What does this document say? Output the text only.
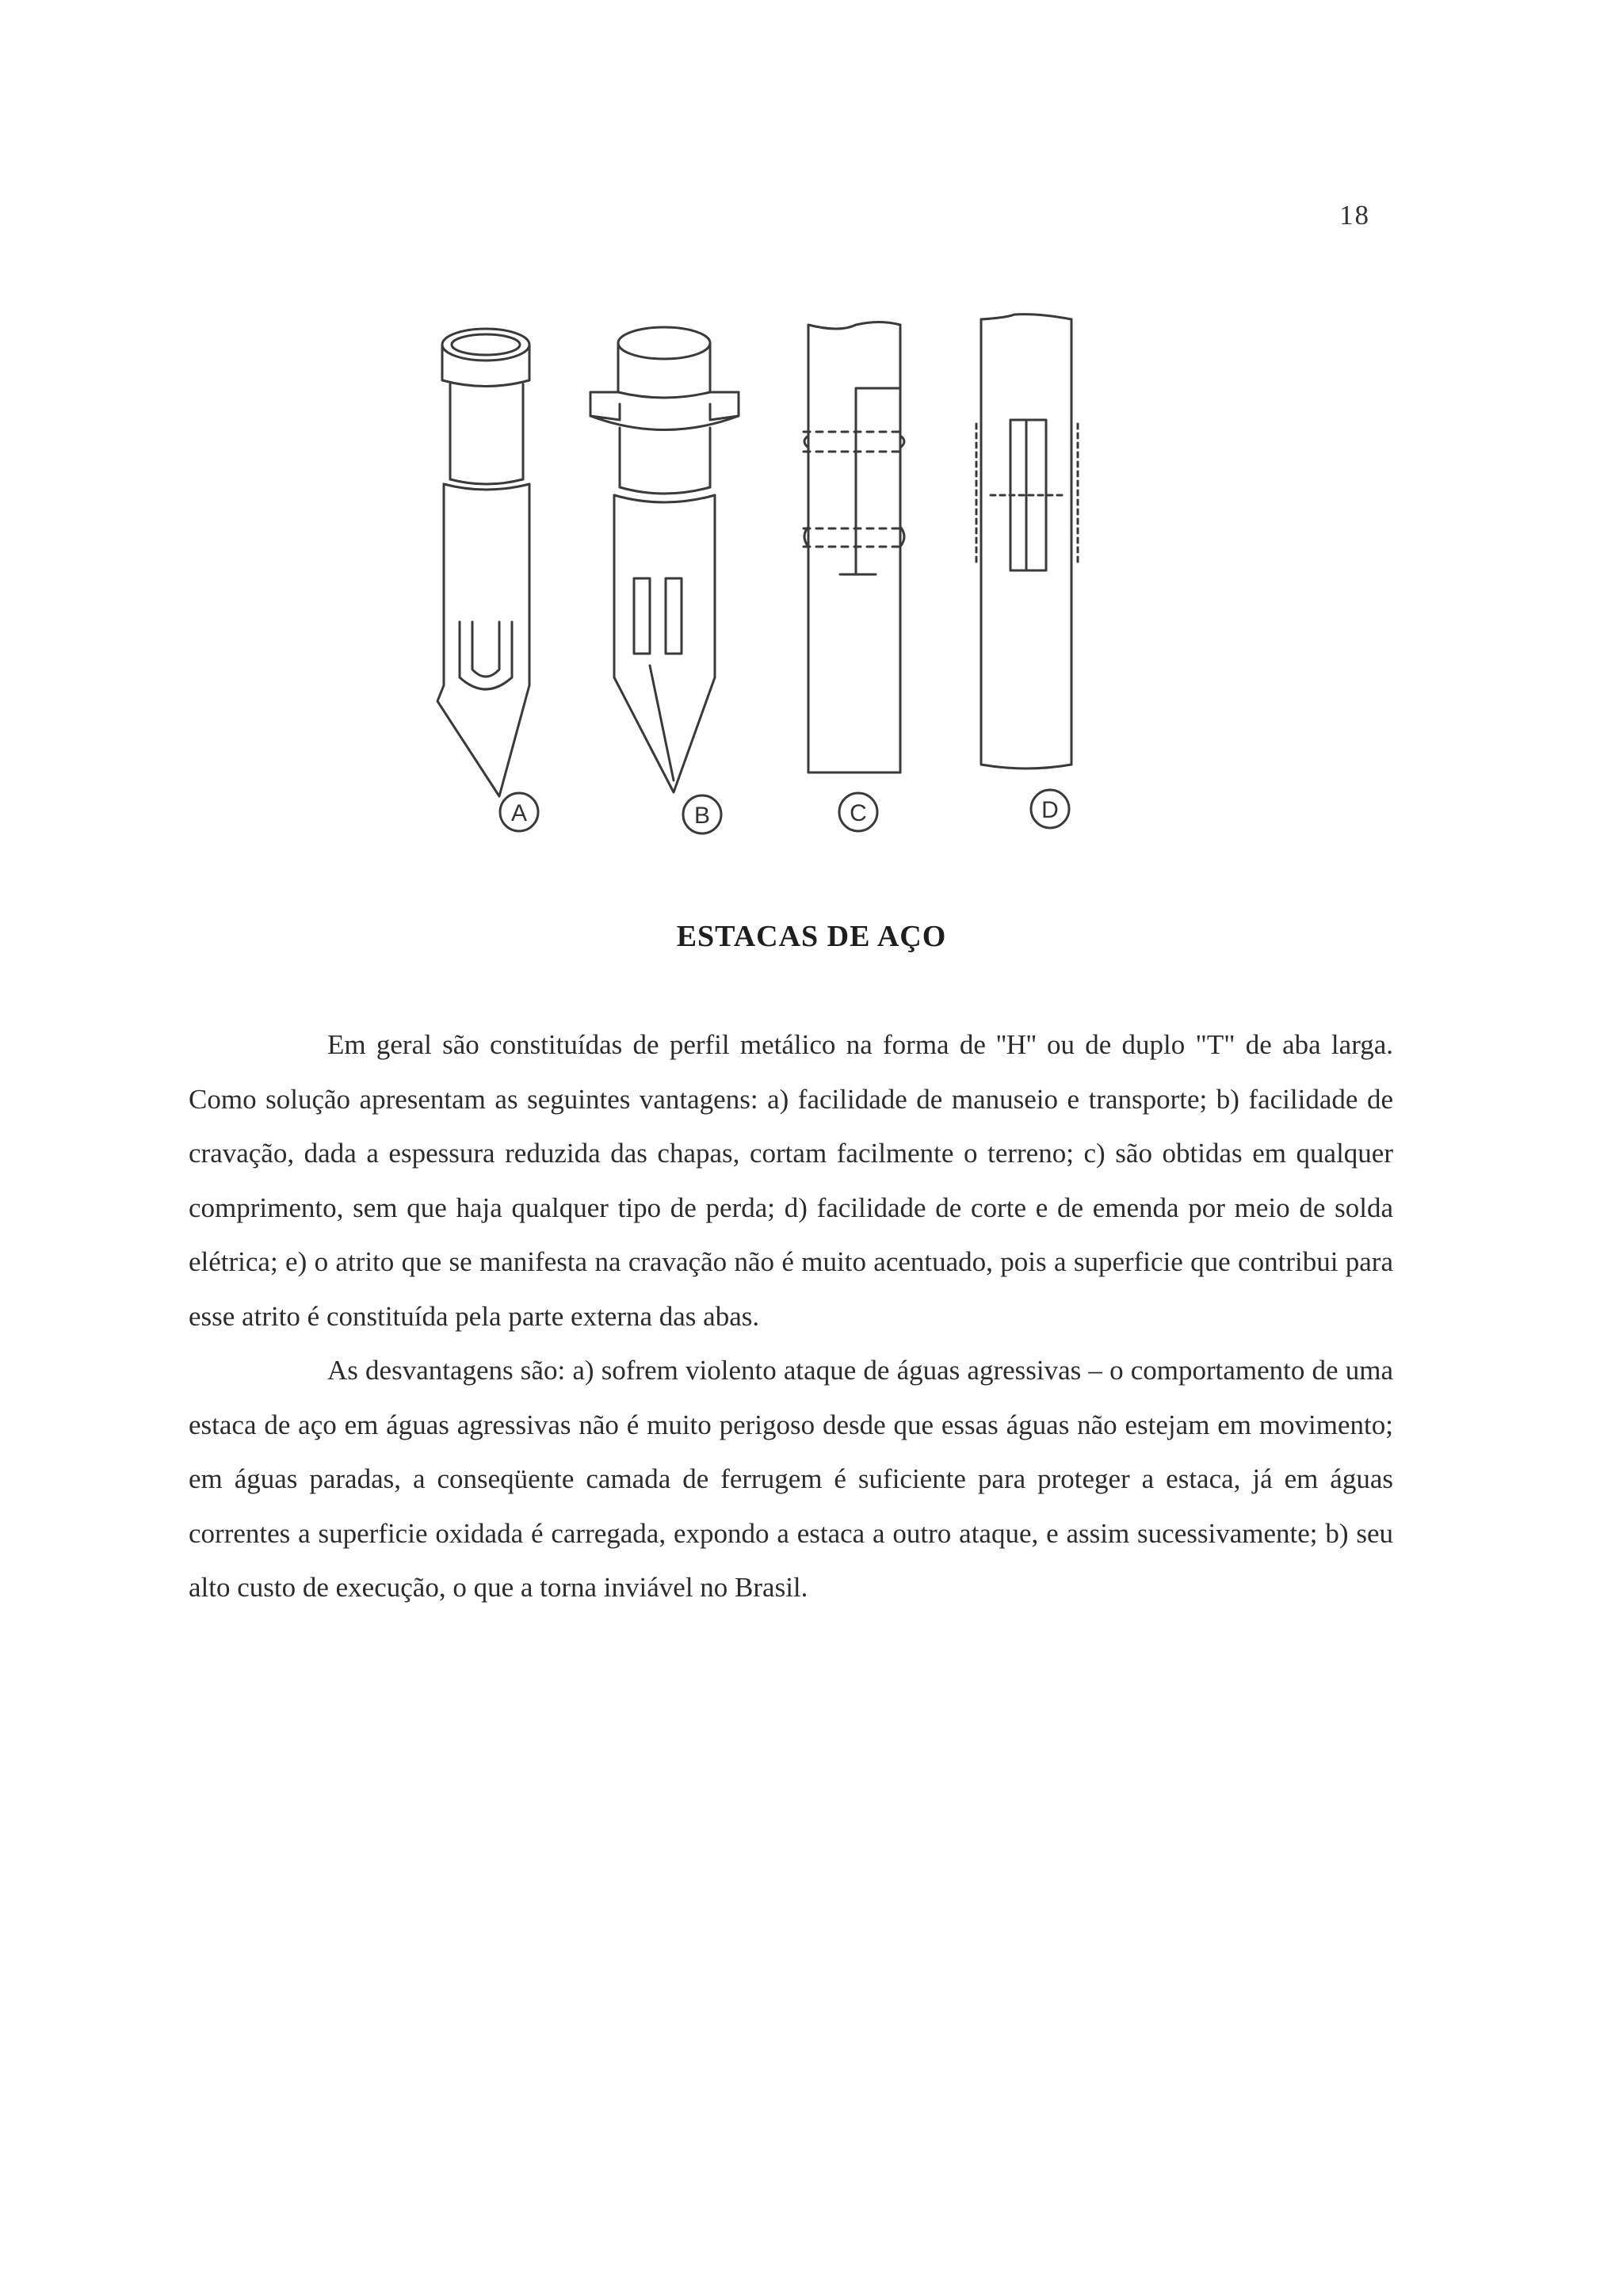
18
A	B	C	D
ESTACAS DE AÇO

Em geral são constituídas de perfil metálico na forma de ''H'' ou de duplo "T" de aba larga. Como solução apresentam as seguintes vantagens: a) facilidade de manuseio e transporte; b) facilidade de cravação, dada a espessura reduzida das chapas, cortam facilmente o terreno; c) são obtidas em qualquer comprimento, sem que haja qualquer tipo de perda; d) facilidade de corte e de emenda por meio de solda elétrica; e) o atrito que se manifesta na cravação não é muito acentuado, pois a superficie que contribui para esse atrito é constituída pela parte externa das abas.

As desvantagens são: a) sofrem violento ataque de águas agressivas – o comportamento de uma estaca de aço em águas agressivas não é muito perigoso desde que essas águas não estejam em movimento; em águas paradas, a conseqüente camada de ferrugem é suficiente para proteger a estaca, já em águas correntes a superficie oxidada é carregada, expondo a estaca a outro ataque, e assim sucessivamente; b) seu alto custo de execução, o que a torna inviável no Brasil.
